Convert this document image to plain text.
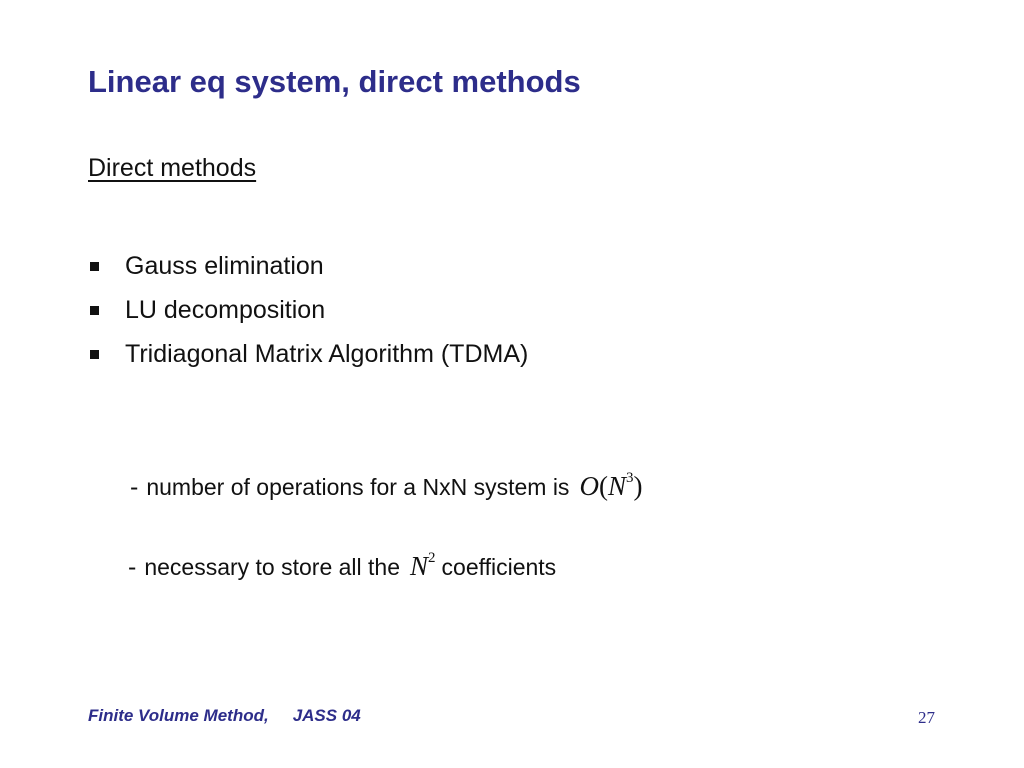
Linear eq system, direct methods
Direct methods
Gauss elimination
LU decomposition
Tridiagonal Matrix Algorithm (TDMA)
- number of operations for a NxN system is $O(N^3)$
- necessary to store all the $N^2$ coefficients
Finite Volume Method, JASS 04	27
